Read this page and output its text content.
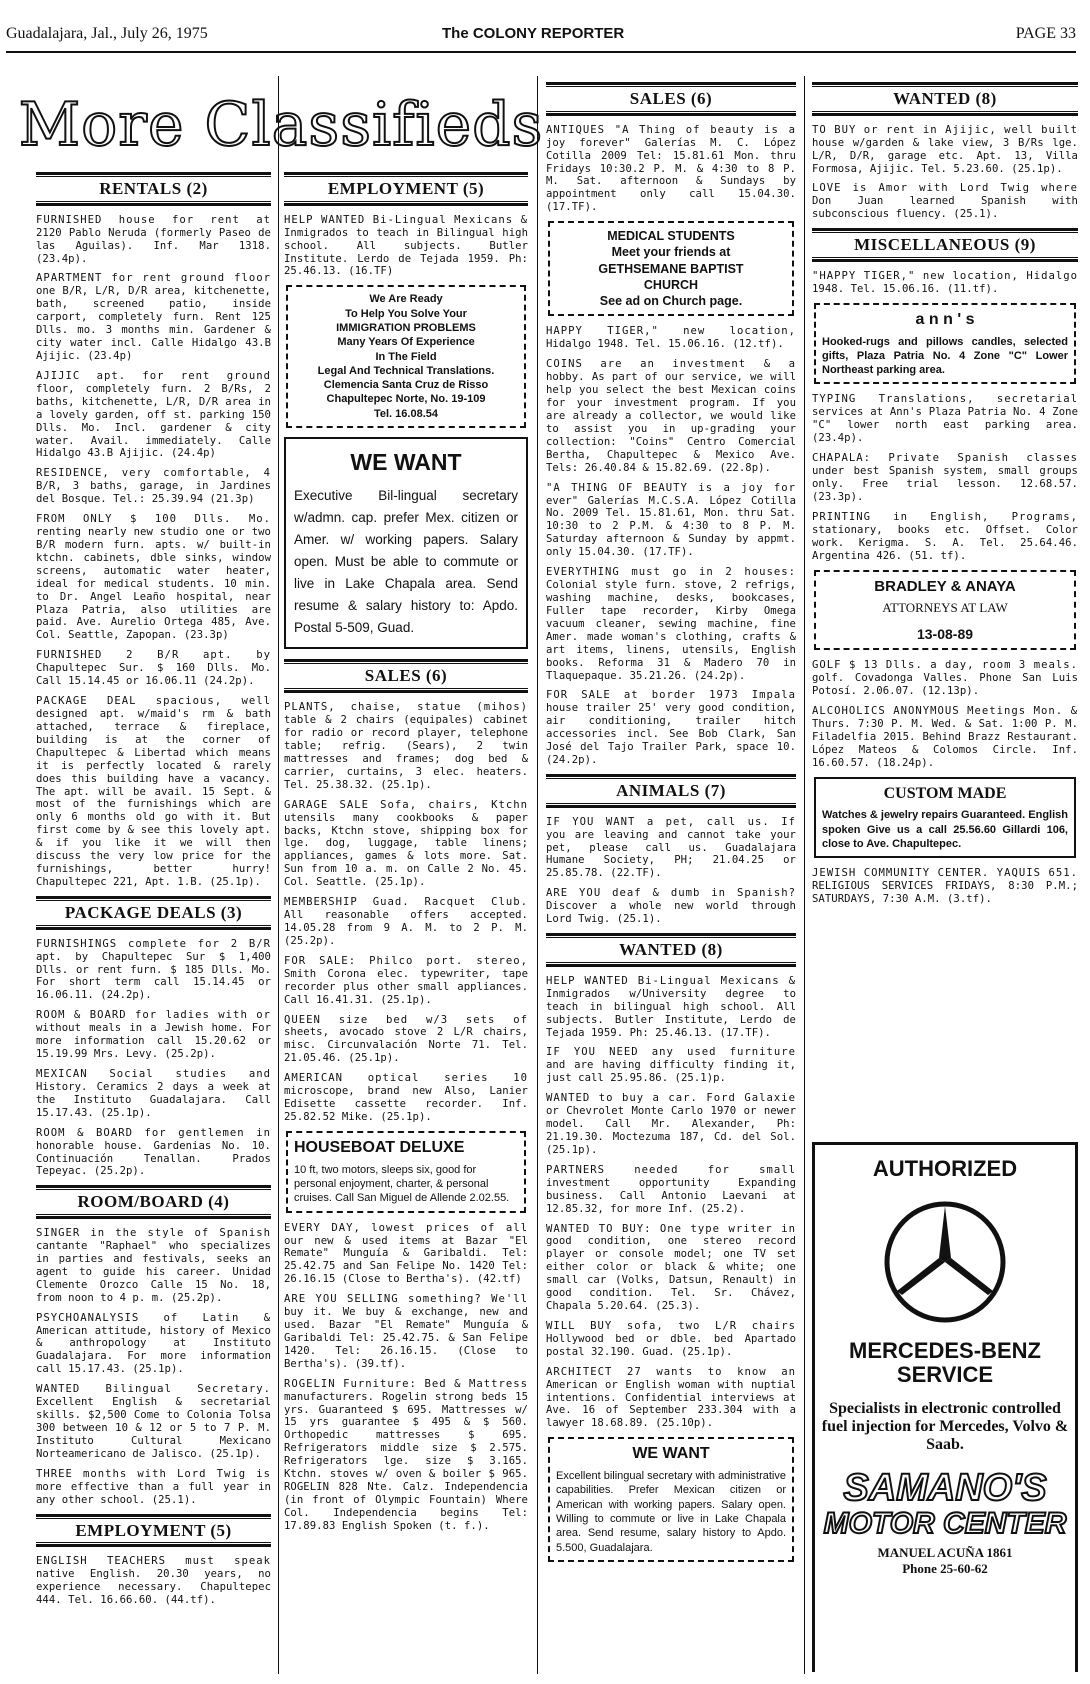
Guadalajara, Jal., July 26, 1975	The COLONY REPORTER	PAGE 33
More Classifieds
RENTALS (2)
FURNISHED house for rent at 2120 Pablo Neruda (formerly Paseo de las Aguilas). Inf. Mar 1318. (23.4p).
APARTMENT for rent ground floor one B/R, L/R, D/R area, kitchenette, bath, screened patio, inside carport, completely furn. Rent 125 Dlls. mo. 3 months min. Gardener & city water incl. Calle Hidalgo 43.B Ajijic. (23.4p)
AJIJIC apt. for rent ground floor, completely furn. 2 B/Rs, 2 baths, kitchenette, L/R, D/R area in a lovely garden, off st. parking 150 Dlls. Mo. Incl. gardener & city water. Avail. immediately. Calle Hidalgo 43.B Ajijic. (24.4p)
RESIDENCE, very comfortable, 4 B/R, 3 baths, garage, in Jardines del Bosque. Tel.: 25.39.94 (21.3p)
FROM ONLY $ 100 Dlls. Mo. renting nearly new studio one or two B/R modern furn. apts. w/ built-in ktchn. cabinets, dble sinks, window screens, automatic water heater, ideal for medical students. 10 min. to Dr. Angel Leaño hospital, near Plaza Patria, also utilities are paid. Ave. Aurelio Ortega 485, Ave. Col. Seattle, Zapopan. (23.3p)
FURNISHED 2 B/R apt. by Chapultepec Sur. $ 160 Dlls. Mo. Call 15.14.45 or 16.06.11 (24.2p).
PACKAGE DEAL spacious, well designed apt. w/maid's rm & bath attached, terrace & fireplace, building is at the corner of Chapultepec & Libertad which means it is perfectly located & rarely does this building have a vacancy. The apt. will be avail. 15 Sept. & most of the furnishings which are only 6 months old go with it. But first come by & see this lovely apt. & if you like it we will then discuss the very low price for the furnishings, better hurry! Chapultepec 221, Apt. 1.B. (25.1p).
PACKAGE DEALS (3)
FURNISHINGS complete for 2 B/R apt. by Chapultepec Sur $ 1,400 Dlls. or rent furn. $ 185 Dlls. Mo. For short term call 15.14.45 or 16.06.11. (24.2p).
ROOM & BOARD for ladies with or without meals in a Jewish home. For more information call 15.20.62 or 15.19.99 Mrs. Levy. (25.2p).
MEXICAN Social studies and History. Ceramics 2 days a week at the Instituto Guadalajara. Call 15.17.43. (25.1p).
ROOM & BOARD for gentlemen in honorable house. Gardenias No. 10. Continuación Tenallan. Prados Tepeyac. (25.2p).
ROOM/BOARD (4)
SINGER in the style of Spanish cantante "Raphael" who specializes in parties and festivals, seeks an agent to guide his career. Unidad Clemente Orozco Calle 15 No. 18, from noon to 4 p. m. (25.2p).
PSYCHOANALYSIS of Latin & American attitude, history of Mexico & anthropology at Instituto Guadalajara. For more information call 15.17.43. (25.1p).
WANTED Bilingual Secretary. Excellent English & secretarial skills. $2,500 Come to Colonia Tolsa 300 between 10 & 12 or 5 to 7 P. M. Instituto Cultural Mexicano Norteamericano de Jalisco. (25.1p).
THREE months with Lord Twig is more effective than a full year in any other school. (25.1).
EMPLOYMENT (5)
ENGLISH TEACHERS must speak native English. 20.30 years, no experience necessary. Chapultepec 444. Tel. 16.66.60. (44.tf).
EMPLOYMENT (5)
HELP WANTED Bi-Lingual Mexicans & Inmigrados to teach in Bilingual high school. All subjects. Butler Institute. Lerdo de Tejada 1959. Ph: 25.46.13. (16.TF)
We Are Ready
To Help You Solve Your
IMMIGRATION PROBLEMS
Many Years Of Experience
In The Field
Legal And Technical Translations.
Clemencia Santa Cruz de Risso
Chapultepec Norte, No. 19-109
Tel. 16.08.54
WE WANT
Executive Bil-lingual secretary w/admn. cap. prefer Mex. citizen or Amer. w/ working papers. Salary open. Must be able to commute or live in Lake Chapala area. Send resume & salary history to: Apdo. Postal 5-509, Guad.
SALES (6)
PLANTS, chaise, statue (mihos) table & 2 chairs (equipales) cabinet for radio or record player, telephone table; refrig. (Sears), 2 twin mattresses and frames; dog bed & carrier, curtains, 3 elec. heaters. Tel. 25.38.32. (25.1p).
GARAGE SALE Sofa, chairs, Ktchn utensils many cookbooks & paper backs, Ktchn stove, shipping box for lge. dog, luggage, table linens; appliances, games & lots more. Sat. Sun from 10 a. m. on Calle 2 No. 45. Col. Seattle. (25.1p).
MEMBERSHIP Guad. Racquet Club. All reasonable offers accepted. 14.05.28 from 9 A. M. to 2 P. M. (25.2p).
FOR SALE: Philco port. stereo, Smith Corona elec. typewriter, tape recorder plus other small appliances. Call 16.41.31. (25.1p).
QUEEN size bed w/3 sets of sheets, avocado stove 2 L/R chairs, misc. Circunvalación Norte 71. Tel. 21.05.46. (25.1p).
AMERICAN optical series 10 microscope, brand new Also, Lanier Edisette cassette recorder. Inf. 25.82.52 Mike. (25.1p).
HOUSEBOAT DELUXE
10 ft, two motors, sleeps six, good for personal enjoyment, charter, & personal cruises. Call San Miguel de Allende 2.02.55.
EVERY DAY, lowest prices of all our new & used items at Bazar "El Remate" Munguía & Garibaldi. Tel: 25.42.75 and San Felipe No. 1420 Tel: 26.16.15 (Close to Bertha's). (42.tf)
ARE YOU SELLING something? We'll buy it. We buy & exchange, new and used. Bazar "El Remate" Munguía & Garibaldi Tel: 25.42.75. & San Felipe 1420. Tel: 26.16.15. (Close to Bertha's). (39.tf).
ROGELIN Furniture: Bed & Mattress manufacturers. Rogelin strong beds 15 yrs. Guaranteed $ 695. Mattresses w/ 15 yrs guarantee $ 495 & $ 560. Orthopedic mattresses $ 695. Refrigerators middle size $ 2.575. Refrigerators lge. size $ 3.165. Ktchn. stoves w/ oven & boiler $ 965. ROGELIN 828 Nte. Calz. Independencia (in front of Olympic Fountain) Where Col. Independencia begins Tel: 17.89.83 English Spoken (t. f.).
SALES (6)
ANTIQUES "A Thing of beauty is a joy forever" Galerías M. C. López Cotilla 2009 Tel: 15.81.61 Mon. thru Fridays 10:30.2 P. M. & 4:30 to 8 P. M. Sat. afternoon & Sundays by appointment only call 15.04.30. (17.TF).
MEDICAL STUDENTS
Meet your friends at
GETHSEMANE BAPTIST
CHURCH
See ad on Church page.
HAPPY TIGER," new location, Hidalgo 1948. Tel. 15.06.16. (12.tf).
COINS are an investment & a hobby. As part of our service, we will help you select the best Mexican coins for your investment program. If you are already a collector, we would like to assist you in up-grading your collection: "Coins" Centro Comercial Bertha, Chapultepec & Mexico Ave. Tels: 26.40.84 & 15.82.69. (22.8p).
"A THING OF BEAUTY is a joy for ever" Galerías M.C.S.A. López Cotilla No. 2009 Tel. 15.81.61, Mon. thru Sat. 10:30 to 2 P.M. & 4:30 to 8 P. M. Saturday afternoon & Sunday by appmt. only 15.04.30. (17.TF).
EVERYTHING must go in 2 houses: Colonial style furn. stove, 2 refrigs, washing machine, desks, bookcases, Fuller tape recorder, Kirby Omega vacuum cleaner, sewing machine, fine Amer. made woman's clothing, crafts & art items, linens, utensils, English books. Reforma 31 & Madero 70 in Tlaquepaque. 35.21.26. (24.2p).
FOR SALE at border 1973 Impala house trailer 25' very good condition, air conditioning, trailer hitch accessories incl. See Bob Clark, San José del Tajo Trailer Park, space 10. (24.2p).
ANIMALS (7)
IF YOU WANT a pet, call us. If you are leaving and cannot take your pet, please call us. Guadalajara Humane Society, PH; 21.04.25 or 25.85.78. (22.TF).
ARE YOU deaf & dumb in Spanish? Discover a whole new world through Lord Twig. (25.1).
WANTED (8)
HELP WANTED Bi-Lingual Mexicans & Inmigrados w/University degree to teach in bilingual high school. All subjects. Butler Institute, Lerdo de Tejada 1959. Ph: 25.46.13. (17.TF).
IF YOU NEED any used furniture and are having difficulty finding it, just call 25.95.86. (25.1)p.
WANTED to buy a car. Ford Galaxie or Chevrolet Monte Carlo 1970 or newer model. Call Mr. Alexander, Ph: 21.19.30. Moctezuma 187, Cd. del Sol. (25.1p).
PARTNERS needed for small investment opportunity Expanding business. Call Antonio Laevani at 12.85.32, for more Inf. (25.2).
WANTED TO BUY: One type writer in good condition, one stereo record player or console model; one TV set either color or black & white; one small car (Volks, Datsun, Renault) in good condition. Tel. Sr. Chávez, Chapala 5.20.64. (25.3).
WILL BUY sofa, two L/R chairs Hollywood bed or dble. bed Apartado postal 32.190. Guad. (25.1p).
ARCHITECT 27 wants to know an American or English woman with nuptial intentions. Confidential interviews at Ave. 16 of September 233.304 with a lawyer 18.68.89. (25.10p).
WE WANT
Excellent bilingual secretary with administrative capabilities. Prefer Mexican citizen or American with working papers. Salary open. Willing to commute or live in Lake Chapala area. Send resume, salary history to Apdo. 5.500, Guadalajara.
WANTED (8)
TO BUY or rent in Ajijic, well built house w/garden & lake view, 3 B/Rs lge. L/R, D/R, garage etc. Apt. 13, Villa Formosa, Ajijic. Tel. 5.23.60. (25.1p).
LOVE is Amor with Lord Twig where Don Juan learned Spanish with subconscious fluency. (25.1).
MISCELLANEOUS (9)
"HAPPY TIGER," new location, Hidalgo 1948. Tel. 15.06.16. (11.tf).
a n n ' s
Hooked-rugs and pillows candles, selected gifts, Plaza Patria No. 4 Zone "C" Lower Northeast parking area.
TYPING Translations, secretarial services at Ann's Plaza Patria No. 4 Zone "C" lower north east parking area. (23.4p).
CHAPALA: Private Spanish classes under best Spanish system, small groups only. Free trial lesson. 12.68.57. (23.3p).
PRINTING in English, Programs, stationary, books etc. Offset. Color work. Kerigma. S. A. Tel. 25.64.46. Argentina 426. (51. tf).
BRADLEY & ANAYA
ATTORNEYS AT LAW
13-08-89
GOLF $ 13 Dlls. a day, room 3 meals. golf. Covadonga Valles. Phone San Luis Potosí. 2.06.07. (12.13p).
ALCOHOLICS ANONYMOUS Meetings Mon. & Thurs. 7:30 P. M. Wed. & Sat. 1:00 P. M. Filadelfia 2015. Behind Brazz Restaurant. López Mateos & Colomos Circle. Inf. 16.60.57. (18.24p).
CUSTOM MADE
Watches & jewelry repairs Guaranteed. English spoken Give us a call 25.56.60 Gillardi 106, close to Ave. Chapultepec.
JEWISH COMMUNITY CENTER. YAQUIS 651. RELIGIOUS SERVICES FRIDAYS, 8:30 P.M.; SATURDAYS, 7:30 A.M. (3.tf).
AUTHORIZED
MERCEDES-BENZ
SERVICE
Specialists in electronic controlled fuel injection for Mercedes, Volvo & Saab.
SAMANO'S
MOTOR CENTER
MANUEL ACUÑA 1861
Phone 25-60-62
